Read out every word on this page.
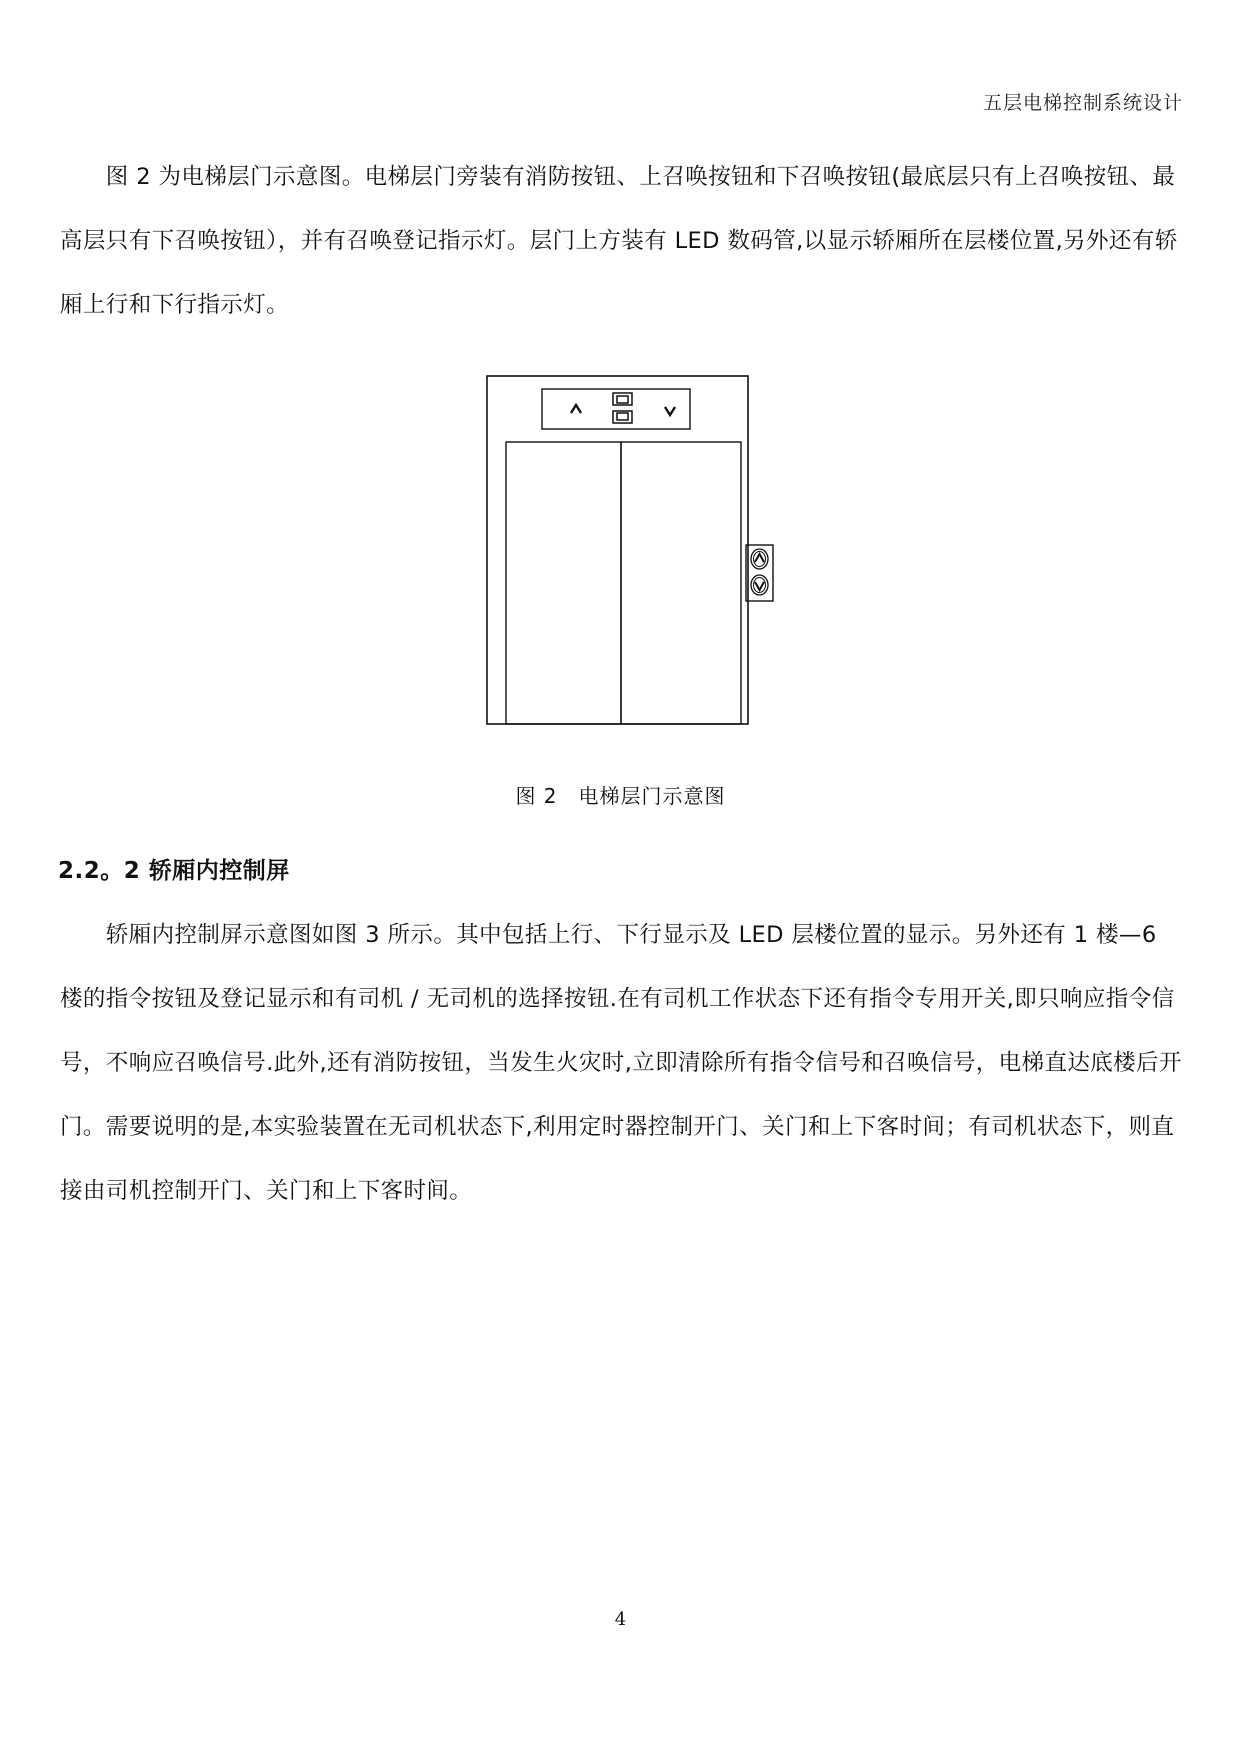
五层电梯控制系统设计

　　图 2 为电梯层门示意图。电梯层门旁装有消防按钮、上召唤按钮和下召唤按钮(最底层只有上召唤按钮、最高层只有下召唤按钮），并有召唤登记指示灯。层门上方装有 LED 数码管,以显示轿厢所在层楼位置,另外还有轿厢上行和下行指示灯。

图 2　电梯层门示意图
2.2。2 轿厢内控制屏

　　轿厢内控制屏示意图如图 3 所示。其中包括上行、下行显示及 LED 层楼位置的显示。另外还有 1 楼—6 楼的指令按钮及登记显示和有司机 / 无司机的选择按钮.在有司机工作状态下还有指令专用开关,即只响应指令信号，不响应召唤信号.此外,还有消防按钮，当发生火灾时,立即清除所有指令信号和召唤信号，电梯直达底楼后开门。需要说明的是,本实验装置在无司机状态下,利用定时器控制开门、关门和上下客时间；有司机状态下，则直接由司机控制开门、关门和上下客时间。

4
